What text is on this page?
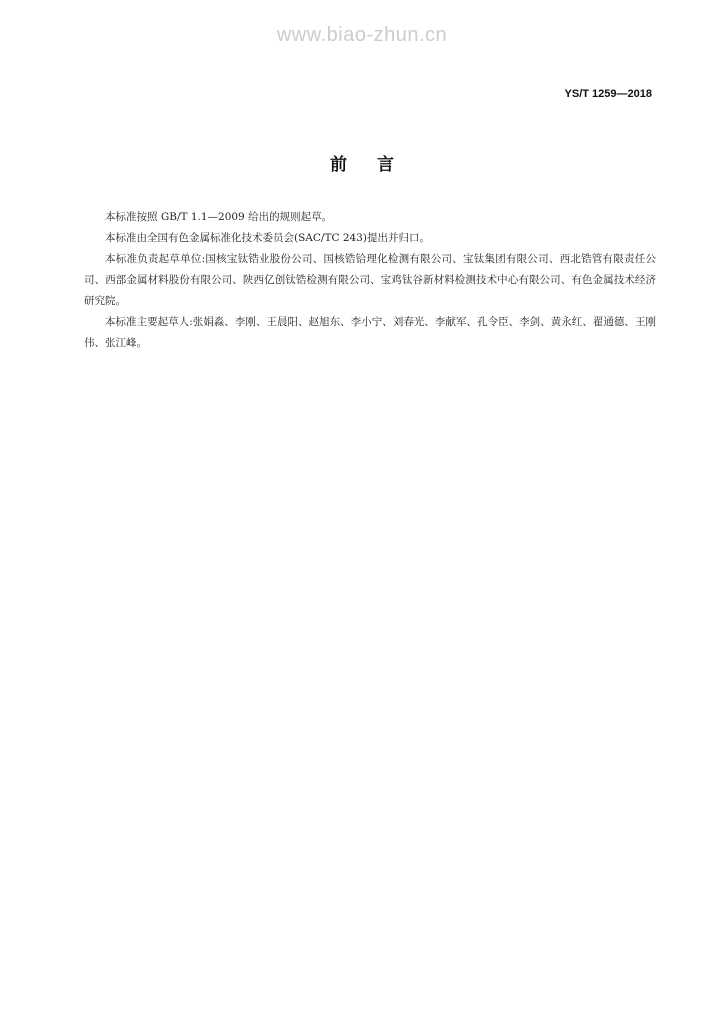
www.biao-zhun.cn
YS/T 1259—2018
前言

本标准按照 GB/T 1.1—2009 给出的规则起草。

本标准由全国有色金属标准化技术委员会(SAC/TC 243)提出并归口。

本标准负责起草单位:国核宝钛锆业股份公司、国核锆铪理化检测有限公司、宝钛集团有限公司、西北锆管有限责任公司、西部金属材料股份有限公司、陕西亿创钛锆检测有限公司、宝鸡钛谷新材料检测技术中心有限公司、有色金属技术经济研究院。

本标准主要起草人:张娟淼、李刚、王晨阳、赵旭东、李小宁、刘春光、李献军、孔令臣、李剑、黄永红、翟通德、王刚伟、张江峰。
